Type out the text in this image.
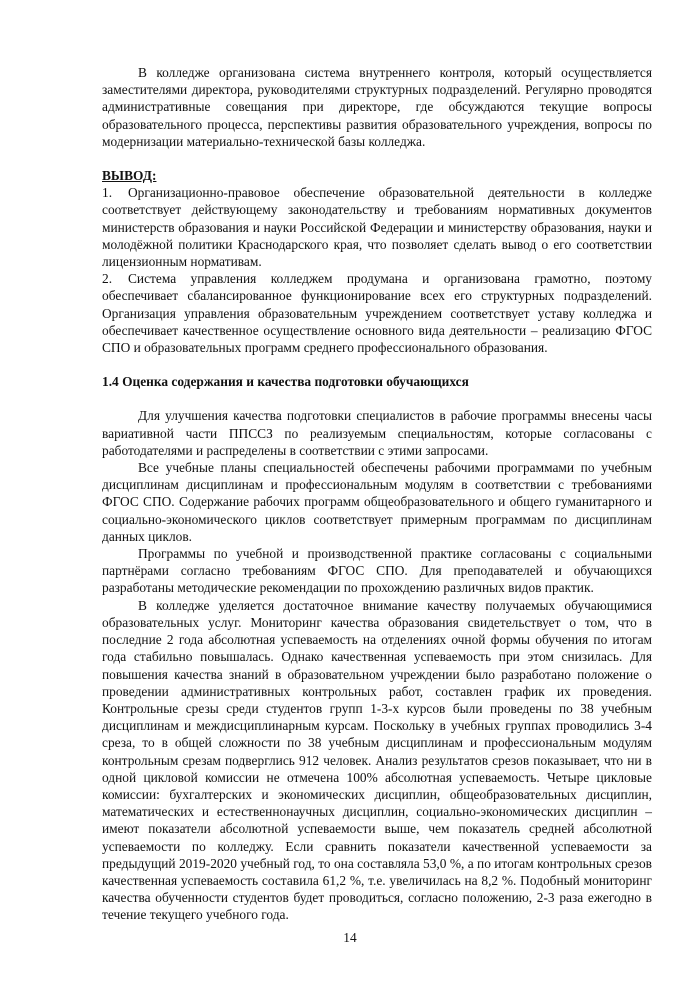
В колледже организована система внутреннего контроля, который осуществляется заместителями директора, руководителями структурных подразделений. Регулярно проводятся административные совещания при директоре, где обсуждаются текущие вопросы образовательного процесса, перспективы развития образовательного учреждения, вопросы по модернизации материально-технической базы колледжа.

ВЫВОД:

1. Организационно-правовое обеспечение образовательной деятельности в колледже соответствует действующему законодательству и требованиям нормативных документов министерств образования и науки Российской Федерации и министерству образования, науки и молодёжной политики Краснодарского края, что позволяет сделать вывод о его соответствии лицензионным нормативам.

2. Система управления колледжем продумана и организована грамотно, поэтому обеспечивает сбалансированное функционирование всех его структурных подразделений. Организация управления образовательным учреждением соответствует уставу колледжа и обеспечивает качественное осуществление основного вида деятельности – реализацию ФГОС СПО и образовательных программ среднего профессионального образования.

1.4 Оценка содержания и качества подготовки обучающихся

Для улучшения качества подготовки специалистов в рабочие программы внесены часы вариативной части ППССЗ по реализуемым специальностям, которые согласованы с работодателями и распределены в соответствии с этими запросами.

Все учебные планы специальностей обеспечены рабочими программами по учебным дисциплинам дисциплинам и профессиональным модулям в соответствии с требованиями ФГОС СПО. Содержание рабочих программ общеобразовательного и общего гуманитарного и социально-экономического циклов соответствует примерным программам по дисциплинам данных циклов.

Программы по учебной и производственной практике согласованы с социальными партнёрами согласно требованиям ФГОС СПО. Для преподавателей и обучающихся разработаны методические рекомендации по прохождению различных видов практик.

В колледже уделяется достаточное внимание качеству получаемых обучающимися образовательных услуг. Мониторинг качества образования свидетельствует о том, что в последние 2 года абсолютная успеваемость на отделениях очной формы обучения по итогам года стабильно повышалась. Однако качественная успеваемость при этом снизилась. Для повышения качества знаний в образовательном учреждении было разработано положение о проведении административных контрольных работ, составлен график их проведения. Контрольные срезы среди студентов групп 1-3-х курсов были проведены по 38 учебным дисциплинам и междисциплинарным курсам. Поскольку в учебных группах проводились 3-4 среза, то в общей сложности по 38 учебным дисциплинам и профессиональным модулям контрольным срезам подверглись 912 человек. Анализ результатов срезов показывает, что ни в одной цикловой комиссии не отмечена 100% абсолютная успеваемость. Четыре цикловые комиссии: бухгалтерских и экономических дисциплин, общеобразовательных дисциплин, математических и естественнонаучных дисциплин, социально-экономических дисциплин – имеют показатели абсолютной успеваемости выше, чем показатель средней абсолютной успеваемости по колледжу. Если сравнить показатели качественной успеваемости за предыдущий 2019-2020 учебный год, то она составляла 53,0 %, а по итогам контрольных срезов качественная успеваемость составила 61,2 %, т.е. увеличилась на 8,2 %. Подобный мониторинг качества обученности студентов будет проводиться, согласно положению, 2-3 раза ежегодно в течение текущего учебного года.

14
